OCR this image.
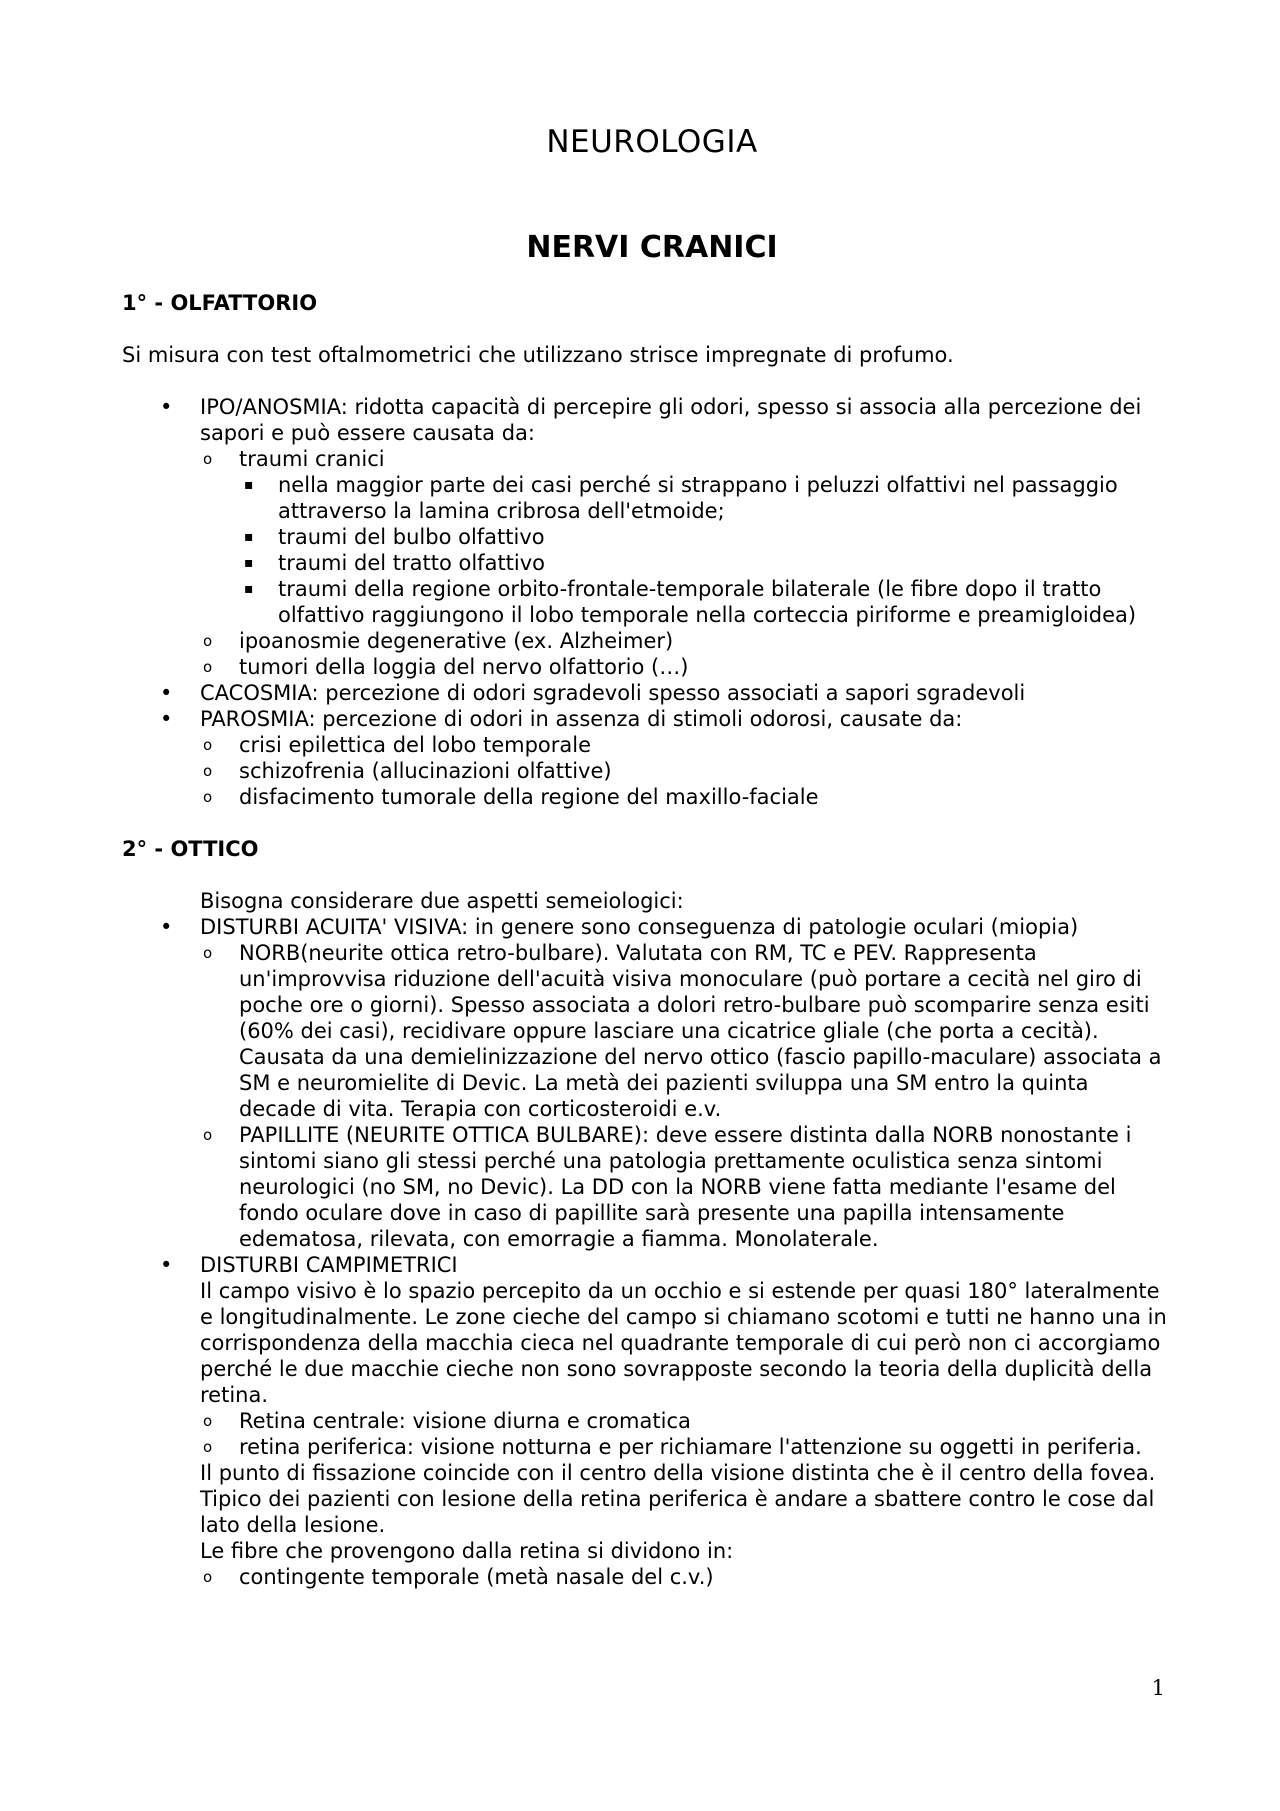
NEUROLOGIA
NERVI CRANICI

1° - OLFATTORIO

Si misura con test oftalmometrici che utilizzano strisce impregnate di profumo.

• IPO/ANOSMIA: ridotta capacità di percepire gli odori, spesso si associa alla percezione dei sapori e può essere causata da:
o traumi cranici
▪ nella maggior parte dei casi perché si strappano i peluzzi olfattivi nel passaggio attraverso la lamina cribrosa dell'etmoide;
▪ traumi del bulbo olfattivo
▪ traumi del tratto olfattivo
▪ traumi della regione orbito-frontale-temporale bilaterale (le fibre dopo il tratto olfattivo raggiungono il lobo temporale nella corteccia piriforme e preamigloidea)
o ipoanosmie degenerative (ex. Alzheimer)
o tumori della loggia del nervo olfattorio (…)
• CACOSMIA: percezione di odori sgradevoli spesso associati a sapori sgradevoli
• PAROSMIA: percezione di odori in assenza di stimoli odorosi, causate da:
o crisi epilettica del lobo temporale
o schizofrenia (allucinazioni olfattive)
o disfacimento tumorale della regione del maxillo-faciale

2° - OTTICO

Bisogna considerare due aspetti semeiologici:

• DISTURBI ACUITA' VISIVA: in genere sono conseguenza di patologie oculari (miopia)
o NORB(neurite ottica retro-bulbare). Valutata con RM, TC e PEV. Rappresenta un'improvvisa riduzione dell'acuità visiva monoculare (può portare a cecità nel giro di poche ore o giorni). Spesso associata a dolori retro-bulbare può scomparire senza esiti (60% dei casi), recidivare oppure lasciare una cicatrice gliale (che porta a cecità). Causata da una demielinizzazione del nervo ottico (fascio papillo-maculare) associata a SM e neuromielite di Devic. La metà dei pazienti sviluppa una SM entro la quinta decade di vita. Terapia con corticosteroidi e.v.
o PAPILLITE (NEURITE OTTICA BULBARE): deve essere distinta dalla NORB nonostante i sintomi siano gli stessi perché una patologia prettamente oculistica senza sintomi neurologici (no SM, no Devic). La DD con la NORB viene fatta mediante l'esame del fondo oculare dove in caso di papillite sarà presente una papilla intensamente edematosa, rilevata, con emorragie a fiamma. Monolaterale.
• DISTURBI CAMPIMETRICI

Il campo visivo è lo spazio percepito da un occhio e si estende per quasi 180° lateralmente e longitudinalmente. Le zone cieche del campo si chiamano scotomi e tutti ne hanno una in corrispondenza della macchia cieca nel quadrante temporale di cui però non ci accorgiamo perché le due macchie cieche non sono sovrapposte secondo la teoria della duplicità della retina.

o Retina centrale: visione diurna e cromatica
o retina periferica: visione notturna e per richiamare l'attenzione su oggetti in periferia.

Il punto di fissazione coincide con il centro della visione distinta che è il centro della fovea. Tipico dei pazienti con lesione della retina periferica è andare a sbattere contro le cose dal lato della lesione.

Le fibre che provengono dalla retina si dividono in:

o contingente temporale (metà nasale del c.v.)
1
